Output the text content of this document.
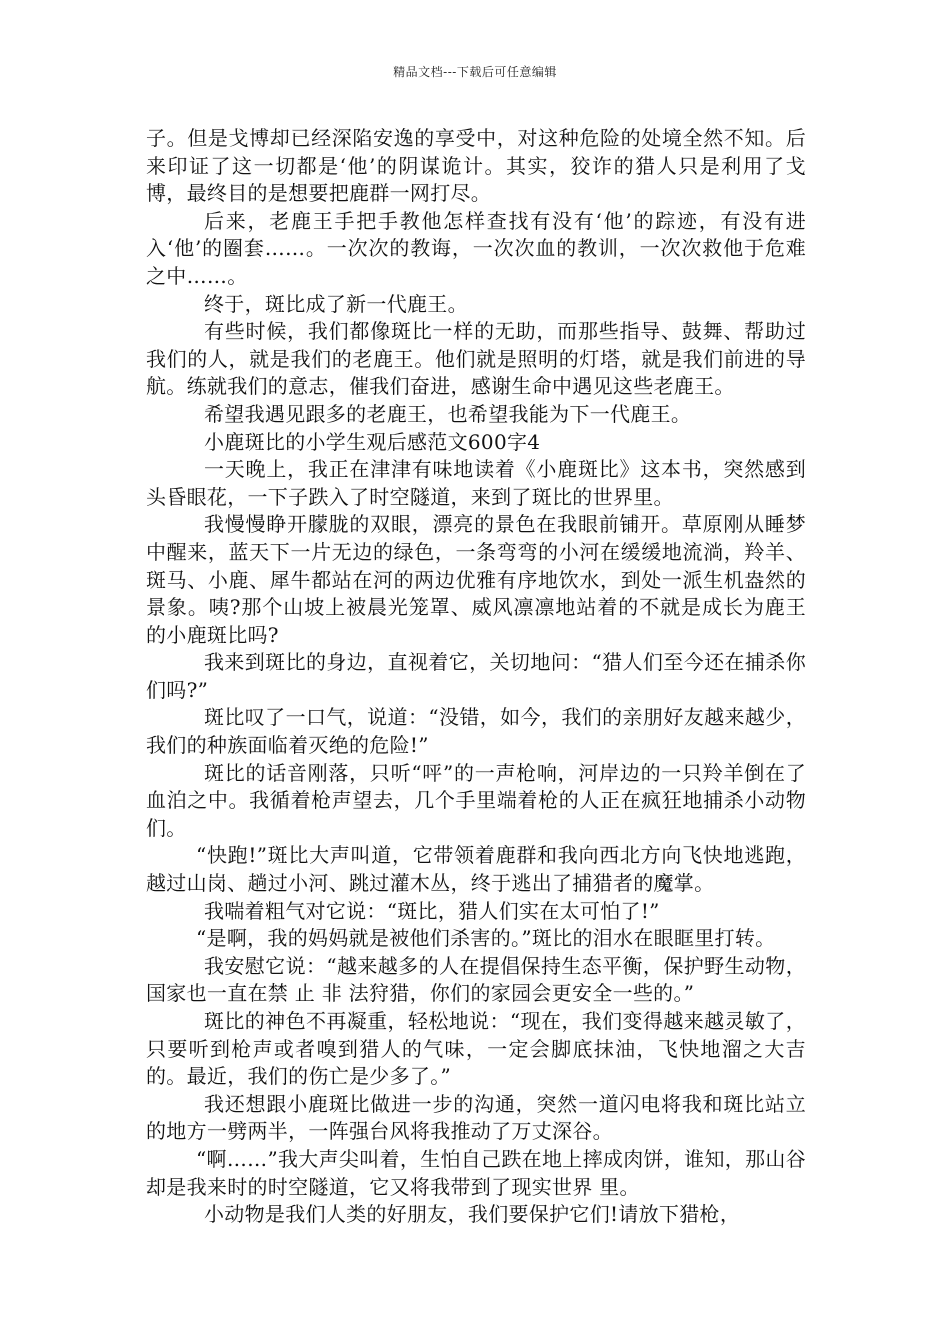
精品文档---下载后可任意编辑

子。但是戈博却已经深陷安逸的享受中，对这种危险的处境全然不知。后来印证了这一切都是‘他’的阴谋诡计。其实，狡诈的猎人只是利用了戈博，最终目的是想要把鹿群一网打尽。

后来，老鹿王手把手教他怎样查找有没有‘他’的踪迹，有没有进入‘他’的圈套……。一次次的教诲，一次次血的教训，一次次救他于危难之中……。

终于，斑比成了新一代鹿王。

有些时候，我们都像斑比一样的无助，而那些指导、鼓舞、帮助过我们的人，就是我们的老鹿王。他们就是照明的灯塔，就是我们前进的导航。练就我们的意志，催我们奋进，感谢生命中遇见这些老鹿王。

希望我遇见跟多的老鹿王，也希望我能为下一代鹿王。

小鹿斑比的小学生观后感范文600字4

一天晚上，我正在津津有味地读着《小鹿斑比》这本书，突然感到头昏眼花，一下子跌入了时空隧道，来到了斑比的世界里。

我慢慢睁开朦胧的双眼，漂亮的景色在我眼前铺开。草原刚从睡梦中醒来，蓝天下一片无边的绿色，一条弯弯的小河在缓缓地流淌，羚羊、斑马、小鹿、犀牛都站在河的两边优雅有序地饮水，到处一派生机盎然的景象。咦?那个山坡上被晨光笼罩、威风凛凛地站着的不就是成长为鹿王的小鹿斑比吗?

我来到斑比的身边，直视着它，关切地问：“猎人们至今还在捕杀你们吗?”

斑比叹了一口气，说道：“没错，如今，我们的亲朋好友越来越少，我们的种族面临着灭绝的危险!”

斑比的话音刚落，只听“呯”的一声枪响，河岸边的一只羚羊倒在了血泊之中。我循着枪声望去，几个手里端着枪的人正在疯狂地捕杀小动物们。

“快跑!”斑比大声叫道，它带领着鹿群和我向西北方向飞快地逃跑，越过山岗、趟过小河、跳过灌木丛，终于逃出了捕猎者的魔掌。

我喘着粗气对它说：“斑比，猎人们实在太可怕了!”

“是啊，我的妈妈就是被他们杀害的。”斑比的泪水在眼眶里打转。

我安慰它说：“越来越多的人在提倡保持生态平衡，保护野生动物，国家也一直在禁 止 非 法狩猎，你们的家园会更安全一些的。”

斑比的神色不再凝重，轻松地说：“现在，我们变得越来越灵敏了，只要听到枪声或者嗅到猎人的气味，一定会脚底抹油，飞快地溜之大吉的。最近，我们的伤亡是少多了。”

我还想跟小鹿斑比做进一步的沟通，突然一道闪电将我和斑比站立的地方一劈两半，一阵强台风将我推动了万丈深谷。

“啊……”我大声尖叫着，生怕自己跌在地上摔成肉饼，谁知，那山谷却是我来时的时空隧道，它又将我带到了现实世界 里。

小动物是我们人类的好朋友，我们要保护它们!请放下猎枪，
